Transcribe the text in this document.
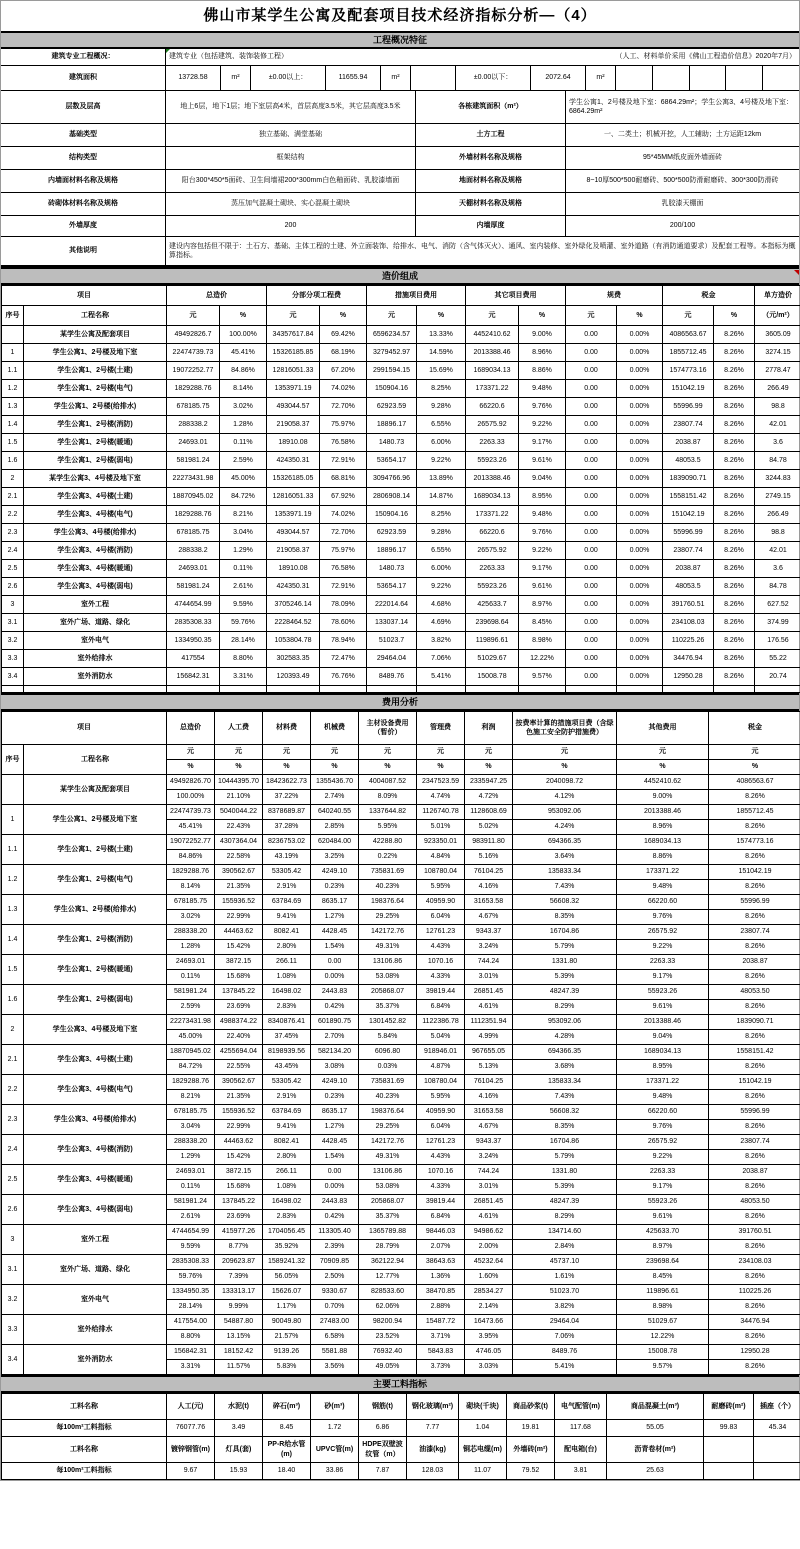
佛山市某学生公寓及配套项目技术经济指标分析—（4）
工程概况特征
建筑专业工程概况：	建筑专业（包括建筑、装饰装修工程）	（人工、材料单价采用《佛山工程造价信息》2020年7月）
建筑面积	13728.58	m²	±0.00以上：	11655.94	m²	±0.00以下：	2072.64	m²
层数及层高	地上6层，地下1层；地下室层高4米，首层高度3.5米，其它层高度3.5米	各栋建筑面积（m²）
学生公寓1、2号楼及地下室：6864.29m²；学生公寓3、4号楼及地下室：6864.29m²
基础类型	独立基础、满堂基础	土方工程	一、二类土；机械开挖，人工辅助；土方运距12km
结构类型	框架结构	外墙材料名称及规格	95*45MM纸皮面外墙面砖
内墙面材料名称及规格	阳台300*450*5面砖、卫生间墙裙200*300mm白色釉面砖、乳胶漆墙面	地面材料名称及规格	8~10厚500*500耐磨砖、500*500防滑耐磨砖、300*300防滑砖
砖砌体材料名称及规格	蒸压加气混凝土砌块、实心混凝土砌块	天棚材料名称及规格	乳胶漆天棚面
外墙厚度	200	内墙厚度	200/100
其他说明
建设内容包括但不限于：土石方、基础、主体工程的土建、外立面装饰、给排水、电气、消防（含气体灭火）、通风、室内装修、室外绿化及喷灌、室外道路（有消防通道要求）及配套工程等。本指标为概算指标。
造价组成
项目		总造价		分部分项工程费		措施项目费用		其它项目费用		规费		税金		单方造价
序号	工程名称	元	%	元	%	元	%	元	%	元	%	元	%	（元/m²）
	某学生公寓及配套项目	49492826.7	100.00%	34357617.84	69.42%	6596234.57	13.33%	4452410.62	9.00%	0.00	0.00%	4086563.67	8.26%	3605.09
1	学生公寓1、2号楼及地下室	22474739.73	45.41%	15326185.85	68.19%	3279452.97	14.59%	2013388.46	8.96%	0.00	0.00%	1855712.45	8.26%	3274.15
1.1	学生公寓1、2号楼(土建)	19072252.77	84.86%	12816051.33	67.20%	2991594.15	15.69%	1689034.13	8.86%	0.00	0.00%	1574773.16	8.26%	2778.47
1.2	学生公寓1、2号楼(电气)	1829288.76	8.14%	1353971.19	74.02%	150904.16	8.25%	173371.22	9.48%	0.00	0.00%	151042.19	8.26%	266.49
1.3	学生公寓1、2号楼(给排水)	678185.75	3.02%	493044.57	72.70%	62923.59	9.28%	66220.6	9.76%	0.00	0.00%	55996.99	8.26%	98.8
1.4	学生公寓1、2号楼(消防)	288338.2	1.28%	219058.37	75.97%	18896.17	6.55%	26575.92	9.22%	0.00	0.00%	23807.74	8.26%	42.01
1.5	学生公寓1、2号楼(暖通)	24693.01	0.11%	18910.08	76.58%	1480.73	6.00%	2263.33	9.17%	0.00	0.00%	2038.87	8.26%	3.6
1.6	学生公寓1、2号楼(弱电)	581981.24	2.59%	424350.31	72.91%	53654.17	9.22%	55923.26	9.61%	0.00	0.00%	48053.5	8.26%	84.78
2	某学生公寓3、4号楼及地下室	22273431.98	45.00%	15326185.05	68.81%	3094766.96	13.89%	2013388.46	9.04%	0.00	0.00%	1839090.71	8.26%	3244.83
2.1	学生公寓3、4号楼(土建)	18870945.02	84.72%	12816051.33	67.92%	2806908.14	14.87%	1689034.13	8.95%	0.00	0.00%	1558151.42	8.26%	2749.15
2.2	学生公寓3、4号楼(电气)	1829288.76	8.21%	1353971.19	74.02%	150904.16	8.25%	173371.22	9.48%	0.00	0.00%	151042.19	8.26%	266.49
2.3	学生公寓3、4号楼(给排水)	678185.75	3.04%	493044.57	72.70%	62923.59	9.28%	66220.6	9.76%	0.00	0.00%	55996.99	8.26%	98.8
2.4	学生公寓3、4号楼(消防)	288338.2	1.29%	219058.37	75.97%	18896.17	6.55%	26575.92	9.22%	0.00	0.00%	23807.74	8.26%	42.01
2.5	学生公寓3、4号楼(暖通)	24693.01	0.11%	18910.08	76.58%	1480.73	6.00%	2263.33	9.17%	0.00	0.00%	2038.87	8.26%	3.6
2.6	学生公寓3、4号楼(弱电)	581981.24	2.61%	424350.31	72.91%	53654.17	9.22%	55923.26	9.61%	0.00	0.00%	48053.5	8.26%	84.78
3	室外工程	4744654.99	9.59%	3705246.14	78.09%	222014.64	4.68%	425633.7	8.97%	0.00	0.00%	391760.51	8.26%	627.52
3.1	室外广场、道路、绿化	2835308.33	59.76%	2228464.52	78.60%	133037.14	4.69%	239698.64	8.45%	0.00	0.00%	234108.03	8.26%	374.99
3.2	室外电气	1334950.35	28.14%	1053804.78	78.94%	51023.7	3.82%	119896.61	8.98%	0.00	0.00%	110225.26	8.26%	176.56
3.3	室外给排水	417554	8.80%	302583.35	72.47%	29464.04	7.06%	51029.67	12.22%	0.00	0.00%	34476.94	8.26%	55.22
3.4	室外消防水	156842.31	3.31%	120393.49	76.76%	8489.76	5.41%	15008.78	9.57%	0.00	0.00%	12950.28	8.26%	20.74

费用分析
项目		总造价	人工费	材料费	机械费	主材设备费用（暂价）	管理费	利润	按费率计算的措施项目费（含绿色施工安全防护措施费）	其他费用	税金
序号	工程名称	元	元	元	元	元	元	元	元	元	元
		%	%	%	%	%	%	%	%	%	%
	某学生公寓及配套项目	49492826.70	10444395.70	18423622.73	1355436.70	4004087.52	2347523.59	2335947.25	2040098.72	4452410.62	4086563.67
		100.00%	21.10%	37.22%	2.74%	8.09%	4.74%	4.72%	4.12%	9.00%	8.26%
1	学生公寓1、2号楼及地下室	22474739.73	5040044.22	8378689.87	640240.55	1337644.82	1126740.78	1128608.69	953092.06	2013388.46	1855712.45
		45.41%	22.43%	37.28%	2.85%	5.95%	5.01%	5.02%	4.24%	8.96%	8.26%
1.1	学生公寓1、2号楼(土建)	19072252.77	4307364.04	8236753.02	620484.00	42288.80	923350.01	983911.80	694366.35	1689034.13	1574773.16
		84.86%	22.58%	43.19%	3.25%	0.22%	4.84%	5.16%	3.64%	8.86%	8.26%
1.2	学生公寓1、2号楼(电气)	1829288.76	390562.67	53305.42	4249.10	735831.69	108780.04	76104.25	135833.34	173371.22	151042.19
		8.14%	21.35%	2.91%	0.23%	40.23%	5.95%	4.16%	7.43%	9.48%	8.26%
1.3	学生公寓1、2号楼(给排水)	678185.75	155936.52	63784.69	8635.17	198376.64	40959.90	31653.58	56608.32	66220.60	55996.99
		3.02%	22.99%	9.41%	1.27%	29.25%	6.04%	4.67%	8.35%	9.76%	8.26%
1.4	学生公寓1、2号楼(消防)	288338.20	44463.62	8082.41	4428.45	142172.76	12761.23	9343.37	16704.86	26575.92	23807.74
		1.28%	15.42%	2.80%	1.54%	49.31%	4.43%	3.24%	5.79%	9.22%	8.26%
1.5	学生公寓1、2号楼(暖通)	24693.01	3872.15	266.11	0.00	13106.86	1070.16	744.24	1331.80	2263.33	2038.87
		0.11%	15.68%	1.08%	0.00%	53.08%	4.33%	3.01%	5.39%	9.17%	8.26%
1.6	学生公寓1、2号楼(弱电)	581981.24	137845.22	16498.02	2443.83	205868.07	39819.44	26851.45	48247.39	55923.26	48053.50
		2.59%	23.69%	2.83%	0.42%	35.37%	6.84%	4.61%	8.29%	9.61%	8.26%
2	学生公寓3、4号楼及地下室	22273431.98	4988374.22	8340876.41	601890.75	1301452.82	1122386.78	1112351.94	953092.06	2013388.46	1839090.71
		45.00%	22.40%	37.45%	2.70%	5.84%	5.04%	4.99%	4.28%	9.04%	8.26%
2.1	学生公寓3、4号楼(土建)	18870945.02	4255694.04	8198939.56	582134.20	6096.80	918946.01	967655.05	694366.35	1689034.13	1558151.42
		84.72%	22.55%	43.45%	3.08%	0.03%	4.87%	5.13%	3.68%	8.95%	8.26%
2.2	学生公寓3、4号楼(电气)	1829288.76	390562.67	53305.42	4249.10	735831.69	108780.04	76104.25	135833.34	173371.22	151042.19
		8.21%	21.35%	2.91%	0.23%	40.23%	5.95%	4.16%	7.43%	9.48%	8.26%
2.3	学生公寓3、4号楼(给排水)	678185.75	155936.52	63784.69	8635.17	198376.64	40959.90	31653.58	56608.32	66220.60	55996.99
		3.04%	22.99%	9.41%	1.27%	29.25%	6.04%	4.67%	8.35%	9.76%	8.26%
2.4	学生公寓3、4号楼(消防)	288338.20	44463.62	8082.41	4428.45	142172.76	12761.23	9343.37	16704.86	26575.92	23807.74
		1.29%	15.42%	2.80%	1.54%	49.31%	4.43%	3.24%	5.79%	9.22%	8.26%
2.5	学生公寓3、4号楼(暖通)	24693.01	3872.15	266.11	0.00	13106.86	1070.16	744.24	1331.80	2263.33	2038.87
		0.11%	15.68%	1.08%	0.00%	53.08%	4.33%	3.01%	5.39%	9.17%	8.26%
2.6	学生公寓3、4号楼(弱电)	581981.24	137845.22	16498.02	2443.83	205868.07	39819.44	26851.45	48247.39	55923.26	48053.50
		2.61%	23.69%	2.83%	0.42%	35.37%	6.84%	4.61%	8.29%	9.61%	8.26%
3	室外工程	4744654.99	415977.26	1704056.45	113305.40	1365789.88	98446.03	94986.62	134714.60	425633.70	391760.51
		9.59%	8.77%	35.92%	2.39%	28.79%	2.07%	2.00%	2.84%	8.97%	8.26%
3.1	室外广场、道路、绿化	2835308.33	209623.87	1589241.32	70909.85	362122.94	38643.63	45232.64	45737.10	239698.64	234108.03
		59.76%	7.39%	56.05%	2.50%	12.77%	1.36%	1.60%	1.61%	8.45%	8.26%
3.2	室外电气	1334950.35	133313.17	15626.07	9330.67	828533.60	38470.85	28534.27	51023.70	119896.61	110225.26
		28.14%	9.99%	1.17%	0.70%	62.06%	2.88%	2.14%	3.82%	8.98%	8.26%
3.3	室外给排水	417554.00	54887.80	90049.80	27483.00	98200.94	15487.72	16473.66	29464.04	51029.67	34476.94
		8.80%	13.15%	21.57%	6.58%	23.52%	3.71%	3.95%	7.06%	12.22%	8.26%
3.4	室外消防水	156842.31	18152.42	9139.26	5581.88	76932.40	5843.83	4746.05	8489.76	15008.78	12950.28
		3.31%	11.57%	5.83%	3.56%	49.05%	3.73%	3.03%	5.41%	9.57%	8.26%
主要工料指标
工料名称	人工(元)	水泥(t)	碎石(m³)	砂(m³)	钢筋(t)	钢化玻璃(m²)	砌块(千块)	商品砂浆(t)	电气配管(m)	商品混凝土(m³)	耐磨砖(m²)	插座（个）
每100m²工料指标	76077.76	3.49	8.45	1.72	6.86	7.77	1.04	19.81	117.68	55.05	99.83	45.34
工料名称	镀锌钢管(m)	灯具(套)	PP-R给水管(m)	UPVC管(m)	HDPE双壁波纹管（m）	油漆(kg)	铜芯电缆(m)	外墙砖(m²)	配电箱(台)	沥青卷材(m²)		
每100m²工料指标	9.67	15.93	18.40	33.86	7.87	128.03	11.07	79.52	3.81	25.63		
